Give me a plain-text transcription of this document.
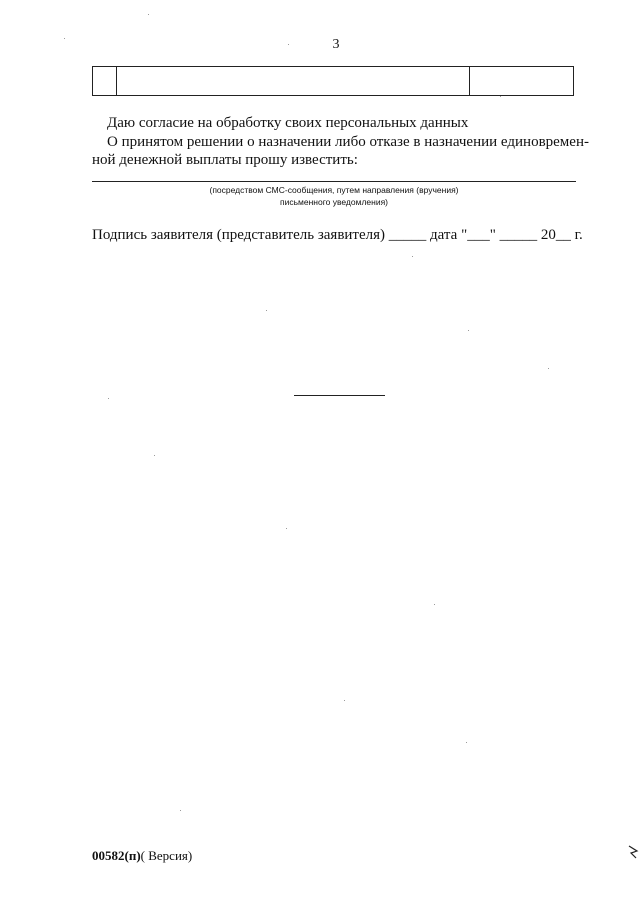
3
Даю согласие на обработку своих персональных данных
О принятом решении о назначении либо отказе в назначении единовремен-
ной денежной выплаты прошу известить:
(посредством СМС-сообщения, путем направления (вручения)
письменного уведомления)
Подпись заявителя (представитель заявителя) _____ дата "___" _____ 20__ г.
00582(п)( Версия)
